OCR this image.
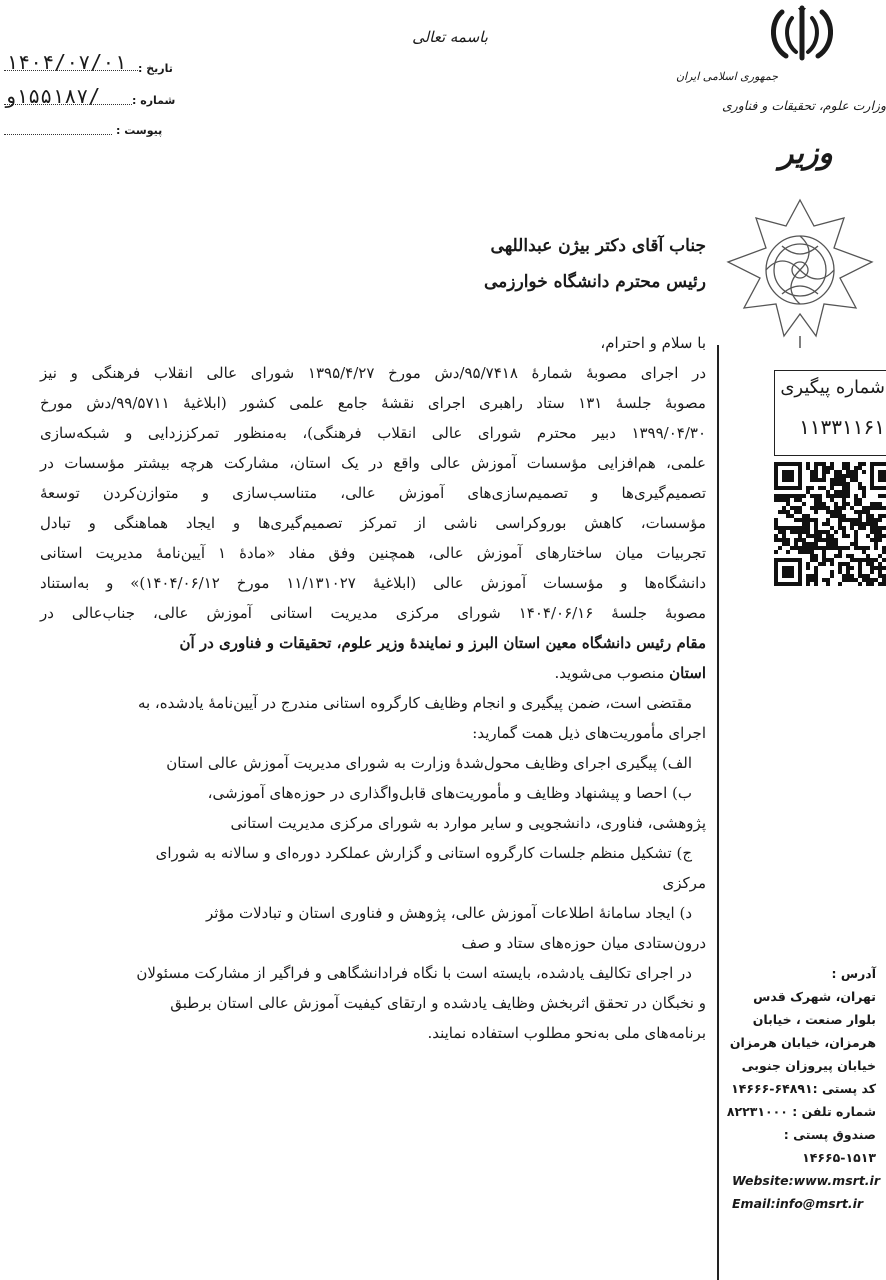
باسمه تعالی
۱۴۰۴/۰۷/۰۱ تاریخ :
/۱۵۵۱۸۷و	شماره :
پیوست :
جمهوری اسلامی ایران
وزارت علوم، تحقیقات و فناوری
وزیر
جناب آقای دکتر بیژن عبداللهی
رئیس محترم دانشگاه خوارزمی

با سلام و احترام،

در اجرای مصوبهٔ شمارهٔ ۹۵/۷۴۱۸/دش مورخ ۱۳۹۵/۴/۲۷ شورای عالی انقلاب فرهنگی و نیز

مصوبهٔ جلسهٔ ۱۳۱ ستاد راهبری اجرای نقشهٔ جامع علمی کشور (ابلاغیهٔ ۹۹/۵۷۱۱/دش مورخ

۱۳۹۹/۰۴/۳۰ دبیر محترم شورای عالی انقلاب فرهنگی)، به‌منظور تمرکززدایی و شبکه‌سازی

علمی، هم‌افزایی مؤسسات آموزش عالی واقع در یک استان، مشارکت هرچه بیشتر مؤسسات در

تصمیم‌گیری‌ها و تصمیم‌سازی‌های آموزش عالی، متناسب‌سازی و متوازن‌کردن توسعهٔ

مؤسسات، کاهش بوروکراسی ناشی از تمرکز تصمیم‌گیری‌ها و ایجاد هماهنگی و تبادل

تجربیات میان ساختارهای آموزش عالی، همچنین وفق مفاد «مادهٔ ۱ آیین‌نامهٔ مدیریت استانی

دانشگاه‌ها و مؤسسات آموزش عالی (ابلاغیهٔ ۱۱/۱۳۱۰۲۷ مورخ ۱۴۰۴/۰۶/۱۲)» و به‌استناد

مصوبهٔ جلسهٔ ۱۴۰۴/۰۶/۱۶ شورای مرکزی مدیریت استانی آموزش عالی، جناب‌عالی در

مقام رئیس دانشگاه معین استان البرز و نمایندهٔ وزیر علوم، تحقیقات و فناوری در آن

استان منصوب می‌شوید.

مقتضی است، ضمن پیگیری و انجام وظایف کارگروه استانی مندرج در آیین‌نامهٔ یادشده، به

اجرای مأموریت‌های ذیل همت گمارید:

الف) پیگیری اجرای وظایف محول‌شدهٔ وزارت به شورای مدیریت آموزش عالی استان

ب) احصا و پیشنهاد وظایف و مأموریت‌های قابل‌واگذاری در حوزه‌های آموزشی،

پژوهشی، فناوری، دانشجویی و سایر موارد به شورای مرکزی مدیریت استانی

ج) تشکیل منظم جلسات کارگروه استانی و گزارش عملکرد دوره‌ای و سالانه به شورای

مرکزی

د) ایجاد سامانهٔ اطلاعات آموزش عالی، پژوهش و فناوری استان و تبادلات مؤثر

درون‌ستادی میان حوزه‌های ستاد و صف

در اجرای تکالیف یادشده، بایسته است با نگاه فرادانشگاهی و فراگیر از مشارکت مسئولان

و نخبگان در تحقق اثربخش وظایف یادشده و ارتقای کیفیت آموزش عالی استان برطبق

برنامه‌های ملی به‌نحو مطلوب استفاده نمایند.

شماره پیگیری
۱۱۳۳۱۱۶۱
آدرس :
تهران، شهرک قدس
بلوار صنعت ، خیابان
هرمزان، خیابان هرمزان
خیابان پیروزان جنوبی
کد پستی :۶۴۸۹۱-۱۴۶۶۶
شماره تلفن : ۸۲۲۳۱۰۰۰
صندوق پستی :
۱۴۶۶۵-۱۵۱۳
Website:www.msrt.ir
Email:info@msrt.ir
